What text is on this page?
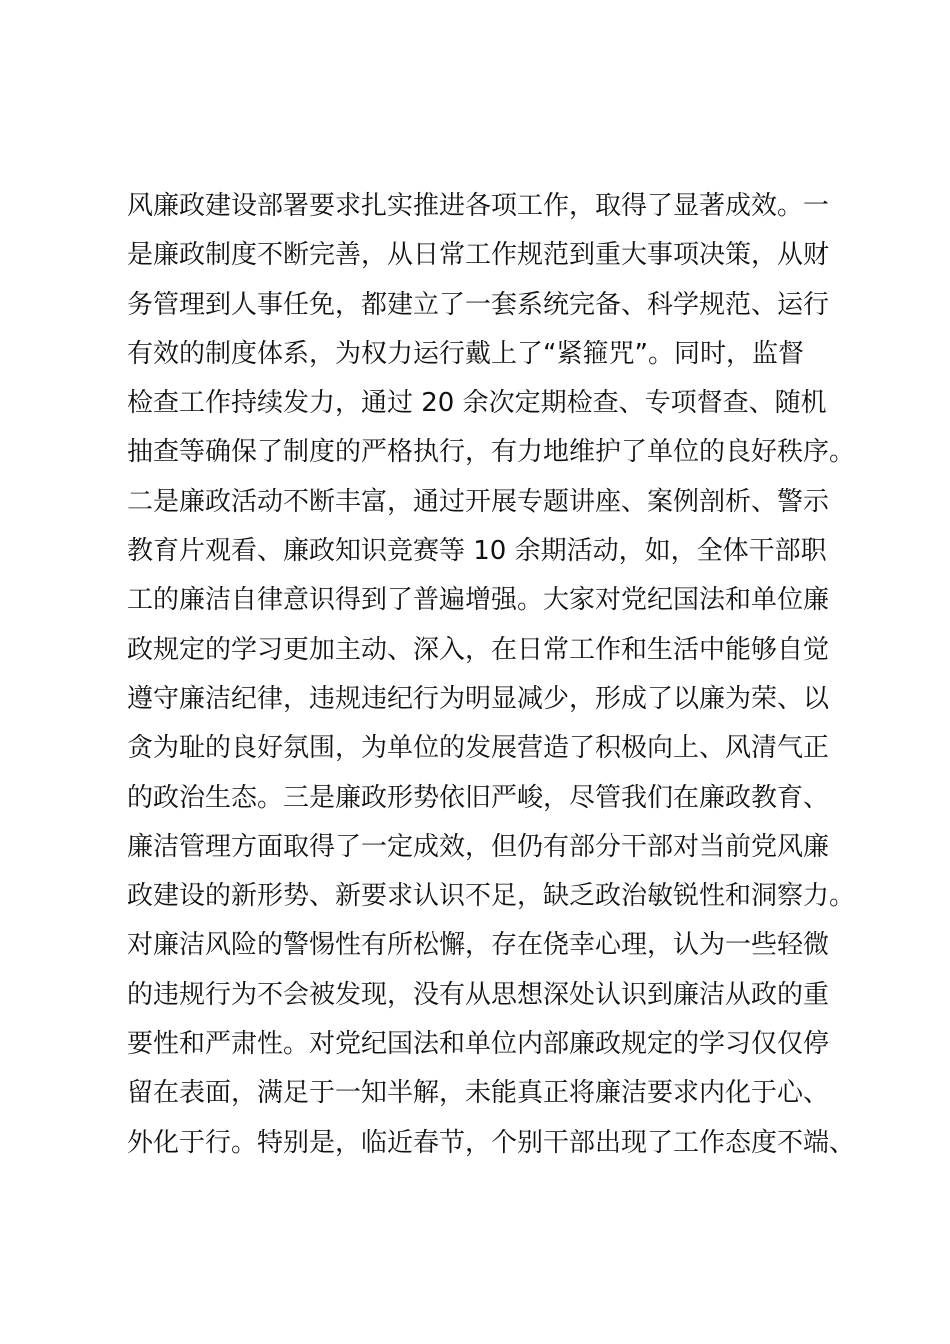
风廉政建设部署要求扎实推进各项工作，取得了显著成效。一
是廉政制度不断完善，从日常工作规范到重大事项决策，从财
务管理到人事任免，都建立了一套系统完备、科学规范、运行
有效的制度体系，为权力运行戴上了“紧箍咒”。同时，监督
检查工作持续发力，通过 20 余次定期检查、专项督查、随机
抽查等确保了制度的严格执行，有力地维护了单位的良好秩序。
二是廉政活动不断丰富，通过开展专题讲座、案例剖析、警示
教育片观看、廉政知识竞赛等 10 余期活动，如，全体干部职
工的廉洁自律意识得到了普遍增强。大家对党纪国法和单位廉
政规定的学习更加主动、深入，在日常工作和生活中能够自觉
遵守廉洁纪律，违规违纪行为明显减少，形成了以廉为荣、以
贪为耻的良好氛围，为单位的发展营造了积极向上、风清气正
的政治生态。三是廉政形势依旧严峻，尽管我们在廉政教育、
廉洁管理方面取得了一定成效，但仍有部分干部对当前党风廉
政建设的新形势、新要求认识不足，缺乏政治敏锐性和洞察力。
对廉洁风险的警惕性有所松懈，存在侥幸心理，认为一些轻微
的违规行为不会被发现，没有从思想深处认识到廉洁从政的重
要性和严肃性。对党纪国法和单位内部廉政规定的学习仅仅停
留在表面，满足于一知半解，未能真正将廉洁要求内化于心、
外化于行。特别是，临近春节，个别干部出现了工作态度不端、
